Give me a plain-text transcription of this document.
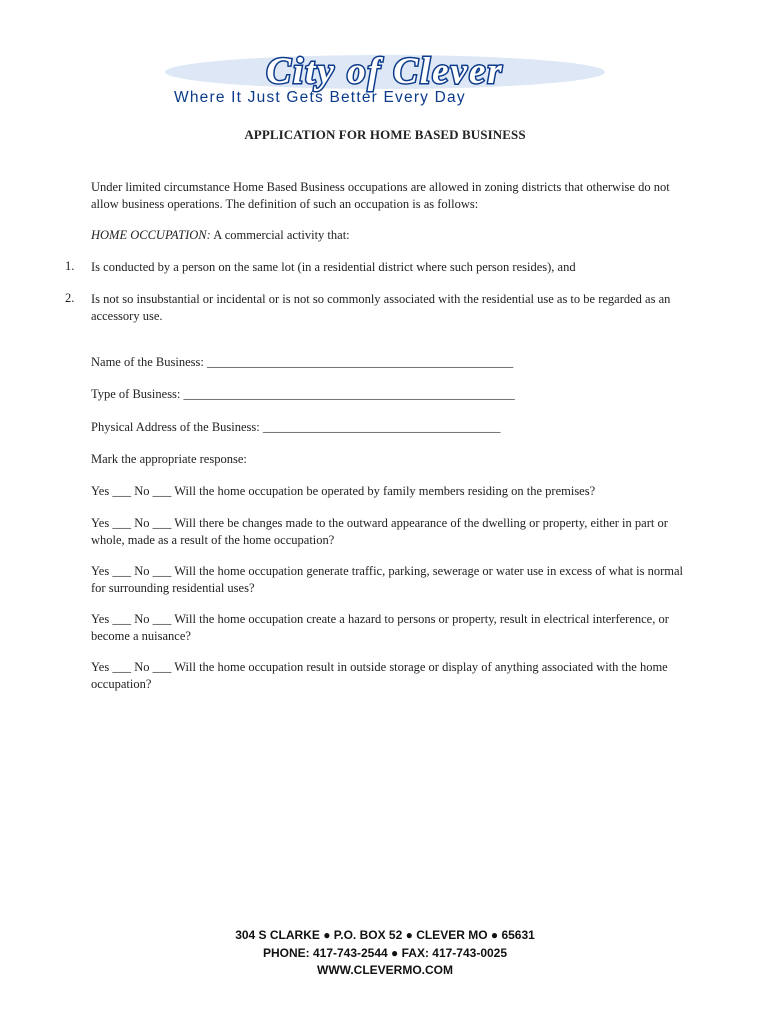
City of Clever
Where It Just Gets Better Every Day
APPLICATION FOR HOME BASED BUSINESS
Under limited circumstance Home Based Business occupations are allowed in zoning districts that otherwise do not allow business operations. The definition of such an occupation is as follows:
HOME OCCUPATION: A commercial activity that:
1. Is conducted by a person on the same lot (in a residential district where such person resides), and
2. Is not so insubstantial or incidental or is not so commonly associated with the residential use as to be regarded as an accessory use.
Name of the Business: _________________________________________________
Type of Business: _____________________________________________________
Physical Address of the Business: ______________________________________
Mark the appropriate response:
Yes ___ No ___ Will the home occupation be operated by family members residing on the premises?
Yes ___ No ___ Will there be changes made to the outward appearance of the dwelling or property, either in part or whole, made as a result of the home occupation?
Yes ___ No ___ Will the home occupation generate traffic, parking, sewerage or water use in excess of what is normal for surrounding residential uses?
Yes ___ No ___ Will the home occupation create a hazard to persons or property, result in electrical interference, or become a nuisance?
Yes ___ No ___ Will the home occupation result in outside storage or display of anything associated with the home occupation?
304 S CLARKE ● P.O. BOX 52 ● CLEVER MO ● 65631
PHONE: 417-743-2544 ● FAX: 417-743-0025
WWW.CLEVERMO.COM
